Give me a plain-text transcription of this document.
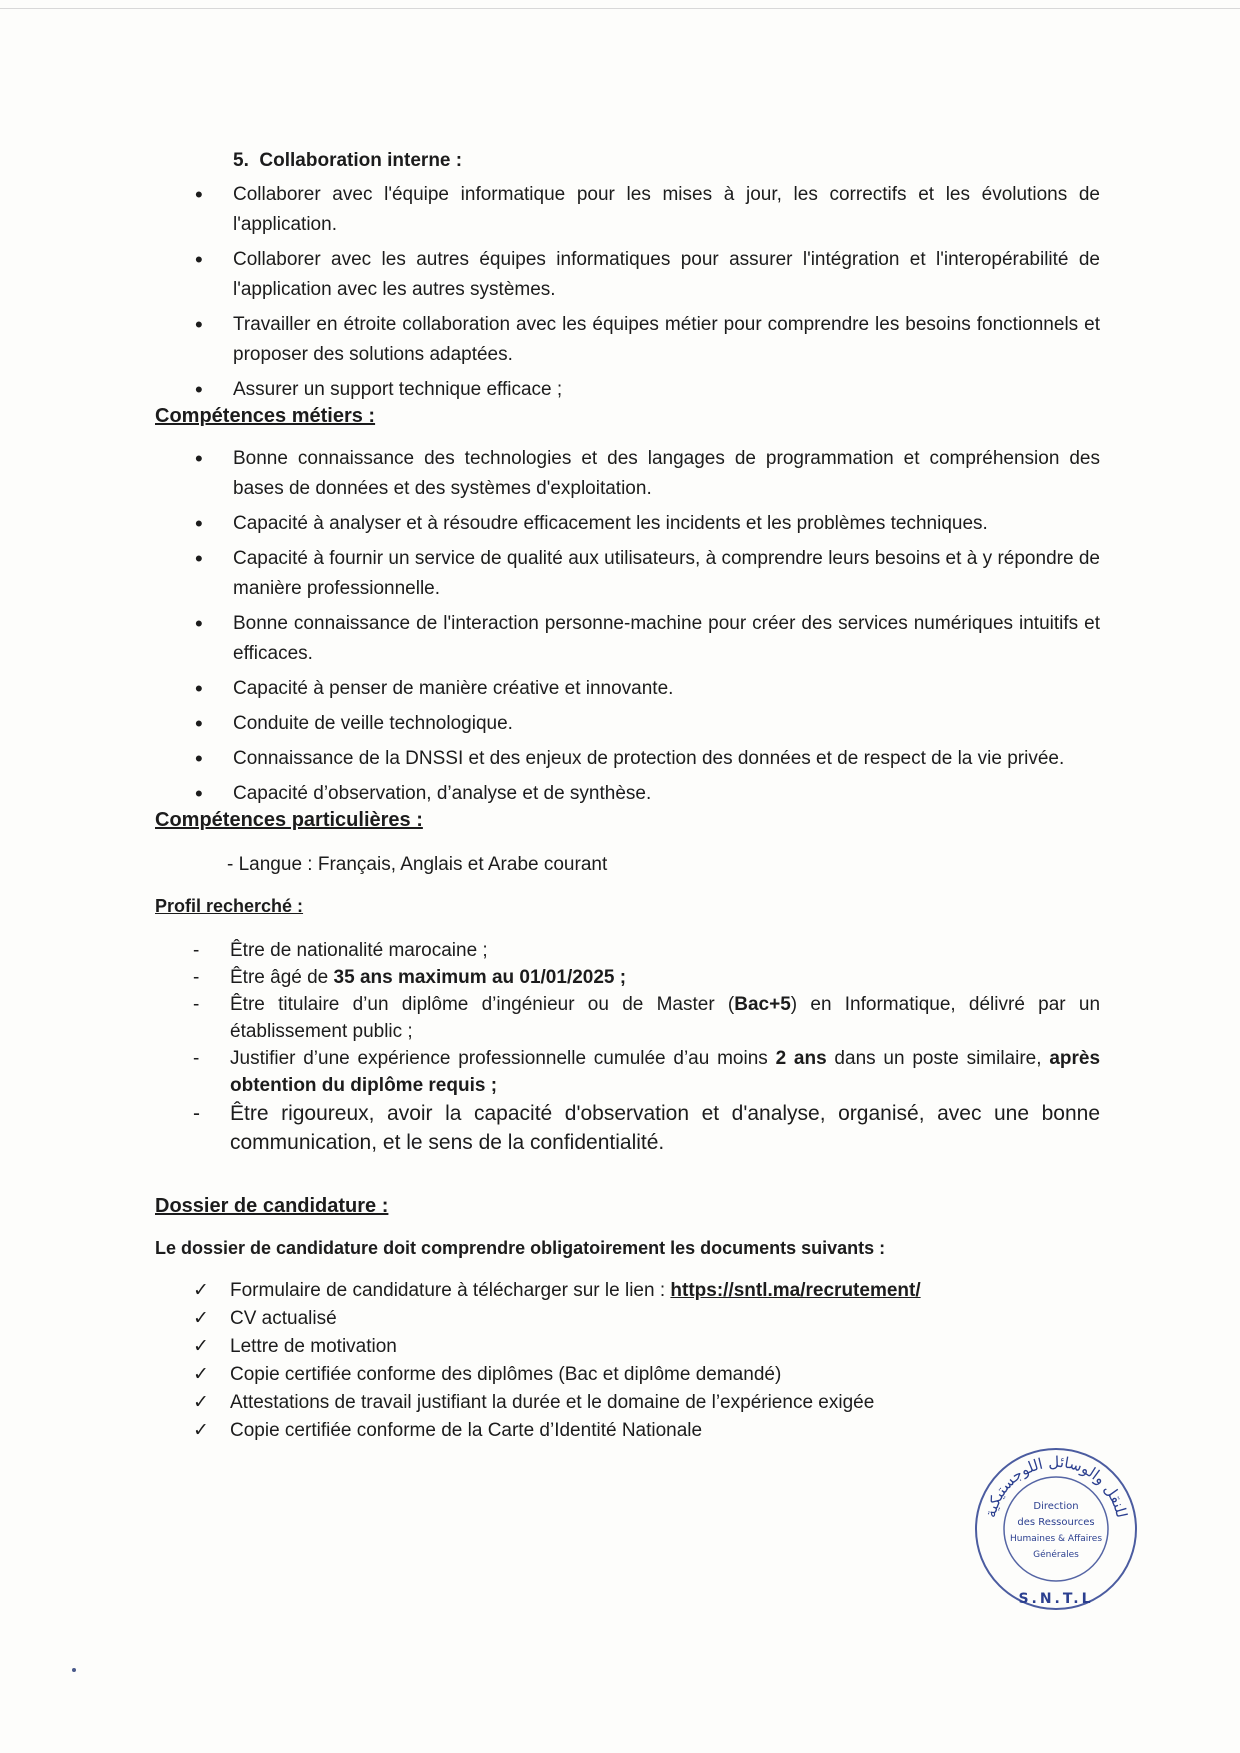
5. Collaboration interne :
• Collaborer avec l'équipe informatique pour les mises à jour, les correctifs et les évolutions de l'application.
• Collaborer avec les autres équipes informatiques pour assurer l'intégration et l'interopérabilité de l'application avec les autres systèmes.
• Travailler en étroite collaboration avec les équipes métier pour comprendre les besoins fonctionnels et proposer des solutions adaptées.
• Assurer un support technique efficace ;
Compétences métiers :
• Bonne connaissance des technologies et des langages de programmation et compréhension des bases de données et des systèmes d'exploitation.
• Capacité à analyser et à résoudre efficacement les incidents et les problèmes techniques.
• Capacité à fournir un service de qualité aux utilisateurs, à comprendre leurs besoins et à y répondre de manière professionnelle.
• Bonne connaissance de l'interaction personne-machine pour créer des services numériques intuitifs et efficaces.
• Capacité à penser de manière créative et innovante.
• Conduite de veille technologique.
• Connaissance de la DNSSI et des enjeux de protection des données et de respect de la vie privée.
• Capacité d’observation, d’analyse et de synthèse.
Compétences particulières :
- Langue : Français, Anglais et Arabe courant
Profil recherché :
- Être de nationalité marocaine ;
- Être âgé de 35 ans maximum au 01/01/2025 ;
- Être titulaire d’un diplôme d’ingénieur ou de Master (Bac+5) en Informatique, délivré par un établissement public ;
- Justifier d’une expérience professionnelle cumulée d’au moins 2 ans dans un poste similaire, après obtention du diplôme requis ;
- Être rigoureux, avoir la capacité d'observation et d'analyse, organisé, avec une bonne communication, et le sens de la confidentialité.
Dossier de candidature :
Le dossier de candidature doit comprendre obligatoirement les documents suivants :
✓ Formulaire de candidature à télécharger sur le lien : https://sntl.ma/recrutement/
✓ CV actualisé
✓ Lettre de motivation
✓ Copie certifiée conforme des diplômes (Bac et diplôme demandé)
✓ Attestations de travail justifiant la durée et le domaine de l’expérience exigée
✓ Copie certifiée conforme de la Carte d’Identité Nationale
للنقل والوسائل اللوجستيكية
Direction
des Ressources
Humaines & Affaires
Générales
S.N.T.L
